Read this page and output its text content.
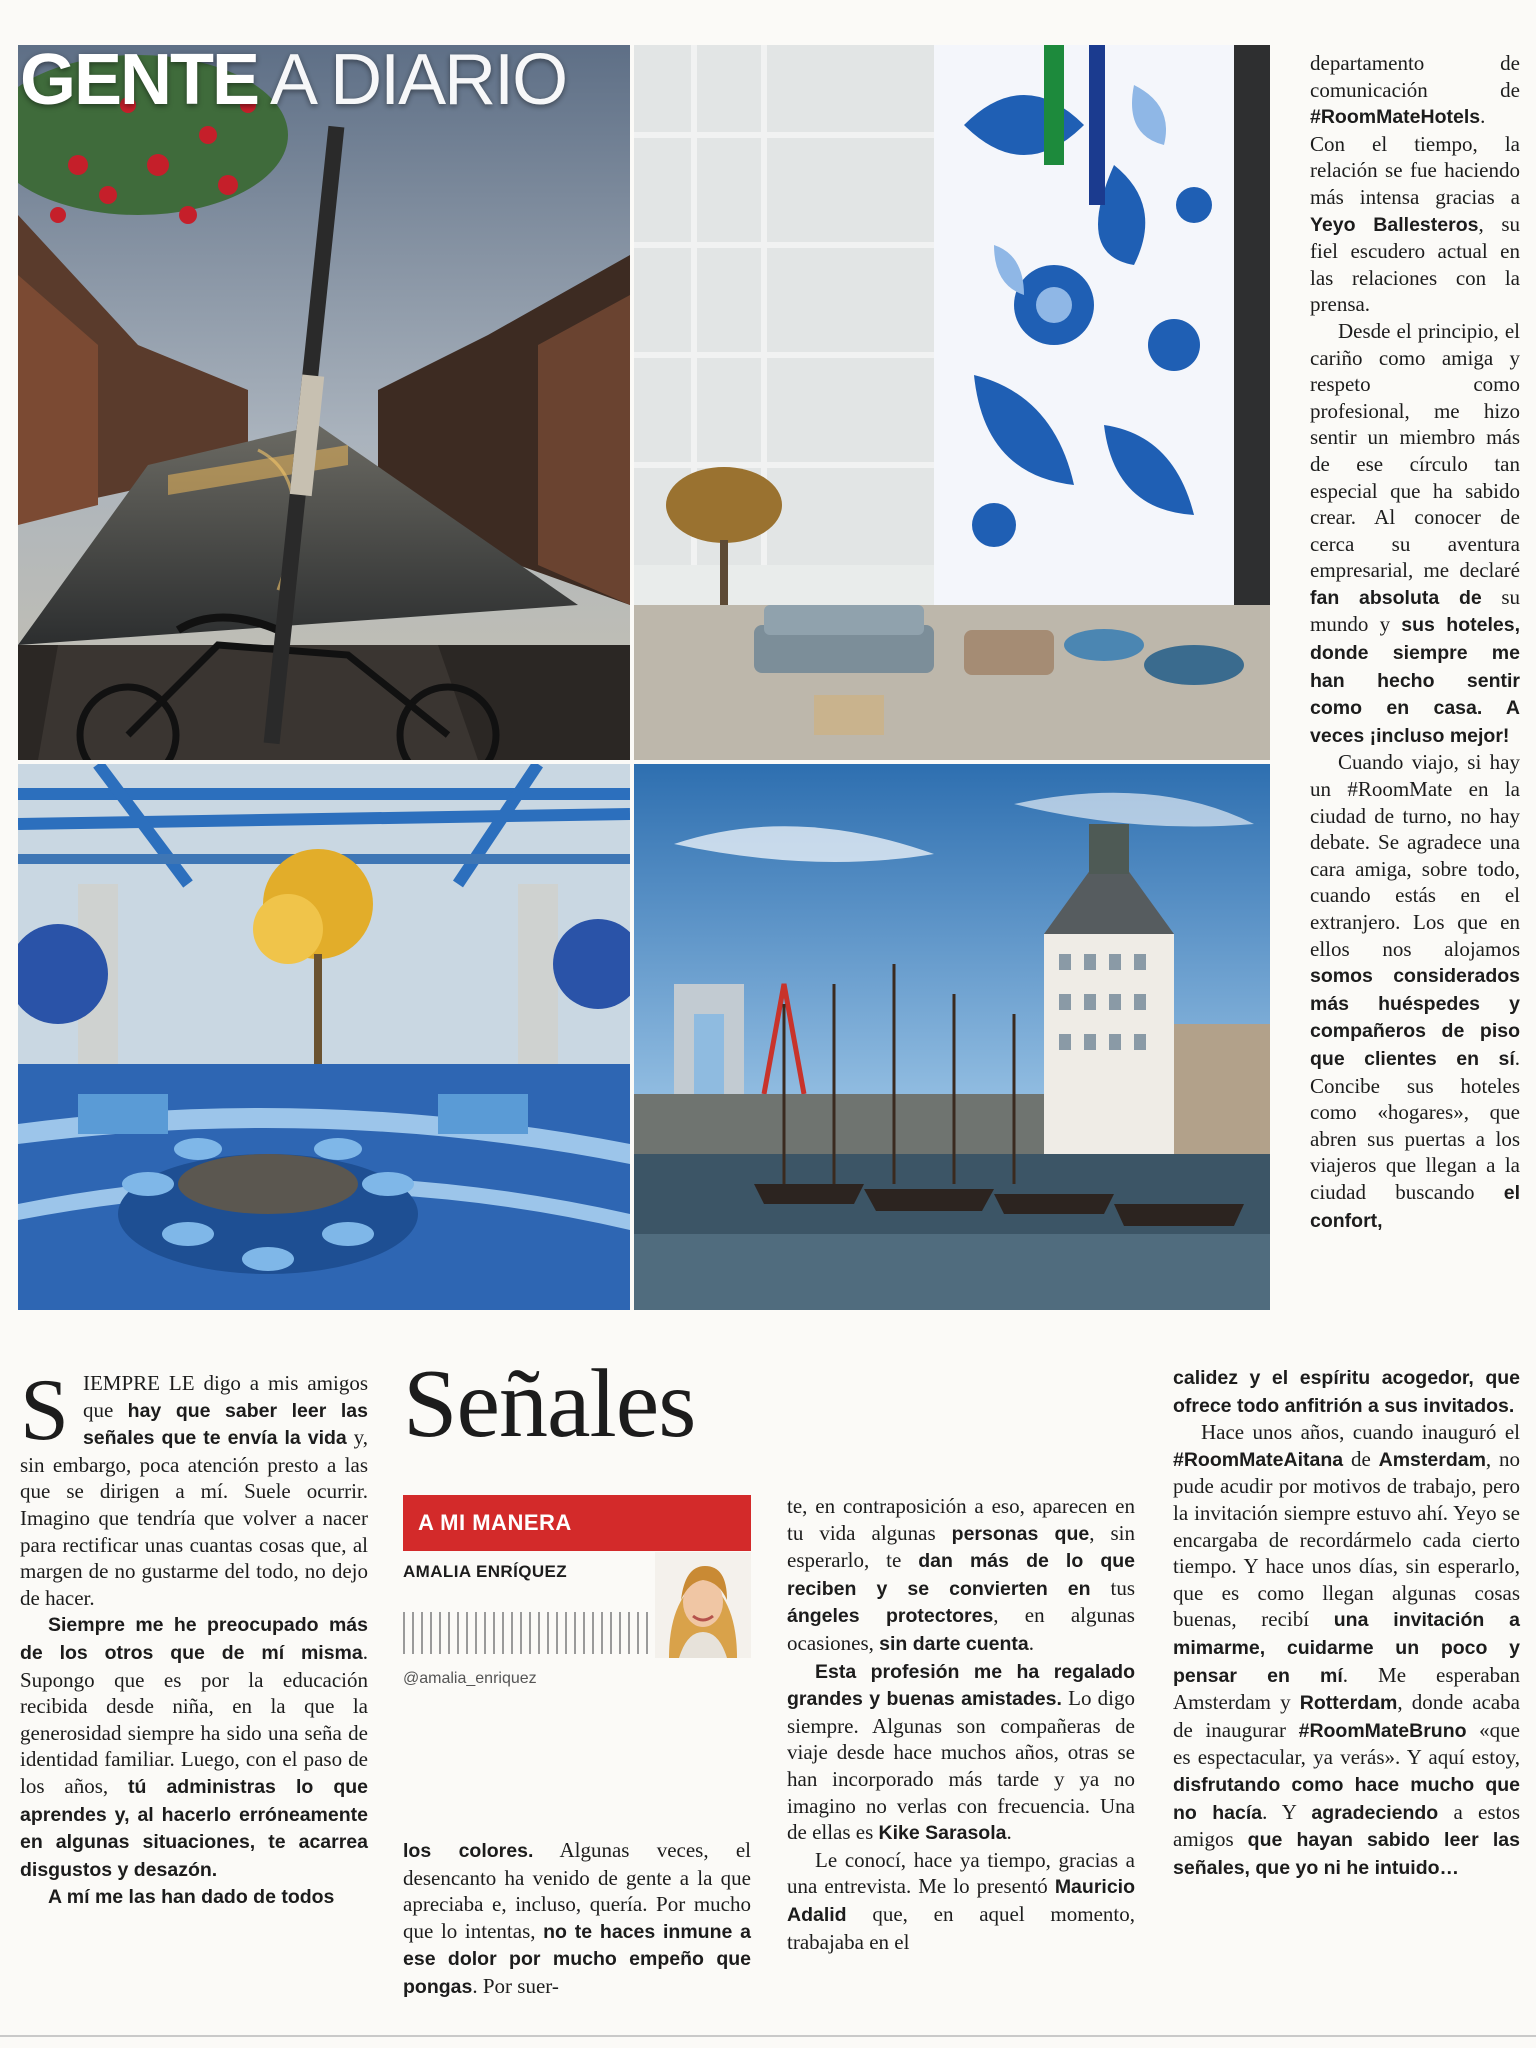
GENTE A DIARIO	departamento de comunicación de #RoomMateHotels. Con el tiempo, la relación se fue haciendo más intensa gracias a Yeyo Ballesteros, su fiel escudero actual en las relaciones con la prensa.

Desde el principio, el cariño como amiga y respeto como profesional, me hizo sentir un miembro más de ese círculo tan especial que ha sabido crear. Al conocer de cerca su aventura empresarial, me declaré fan absoluta de su mundo y sus hoteles, donde siempre me han hecho sentir como en casa. A veces ¡incluso mejor!

Cuando viajo, si hay un #RoomMate en la ciudad de turno, no hay debate. Se agradece una cara amiga, sobre todo, cuando estás en el extranjero. Los que en ellos nos alojamos somos considerados más huéspedes y compañeros de piso que clientes en sí. Concibe sus hoteles como «hogares», que abren sus puertas a los viajeros que llegan a la ciudad buscando el confort,

Señales
A MI MANERA
AMALIA ENRÍQUEZ
@amalia_enriquez

SIEMPRE LE digo a mis amigos que hay que saber leer las señales que te envía la vida y, sin embargo, poca atención presto a las que se dirigen a mí. Suele ocurrir. Imagino que tendría que volver a nacer para rectificar unas cuantas cosas que, al margen de no gustarme del todo, no dejo de hacer.

Siempre me he preocupado más de los otros que de mí misma. Supongo que es por la educación recibida desde niña, en la que la generosidad siempre ha sido una seña de identidad familiar. Luego, con el paso de los años, tú administras lo que aprendes y, al hacerlo erróneamente en algunas situaciones, te acarrea disgustos y desazón.

A mí me las han dado de todos

los colores. Algunas veces, el desencanto ha venido de gente a la que apreciaba e, incluso, quería. Por mucho que lo intentas, no te haces inmune a ese dolor por mucho empeño que pongas. Por suer-

te, en contraposición a eso, aparecen en tu vida algunas personas que, sin esperarlo, te dan más de lo que reciben y se convierten en tus ángeles protectores, en algunas ocasiones, sin darte cuenta.

Esta profesión me ha regalado grandes y buenas amistades. Lo digo siempre. Algunas son compañeras de viaje desde hace muchos años, otras se han incorporado más tarde y ya no imagino no verlas con frecuencia. Una de ellas es Kike Sarasola.

Le conocí, hace ya tiempo, gracias a una entrevista. Me lo presentó Mauricio Adalid que, en aquel momento, trabajaba en el

calidez y el espíritu acogedor, que ofrece todo anfitrión a sus invitados.

Hace unos años, cuando inauguró el #RoomMateAitana de Amsterdam, no pude acudir por motivos de trabajo, pero la invitación siempre estuvo ahí. Yeyo se encargaba de recordármelo cada cierto tiempo. Y hace unos días, sin esperarlo, que es como llegan algunas cosas buenas, recibí una invitación a mimarme, cuidarme un poco y pensar en mí. Me esperaban Amsterdam y Rotterdam, donde acaba de inaugurar #RoomMateBruno «que es espectacular, ya verás». Y aquí estoy, disfrutando como hace mucho que no hacía. Y agradeciendo a estos amigos que hayan sabido leer las señales, que yo ni he intuido…
